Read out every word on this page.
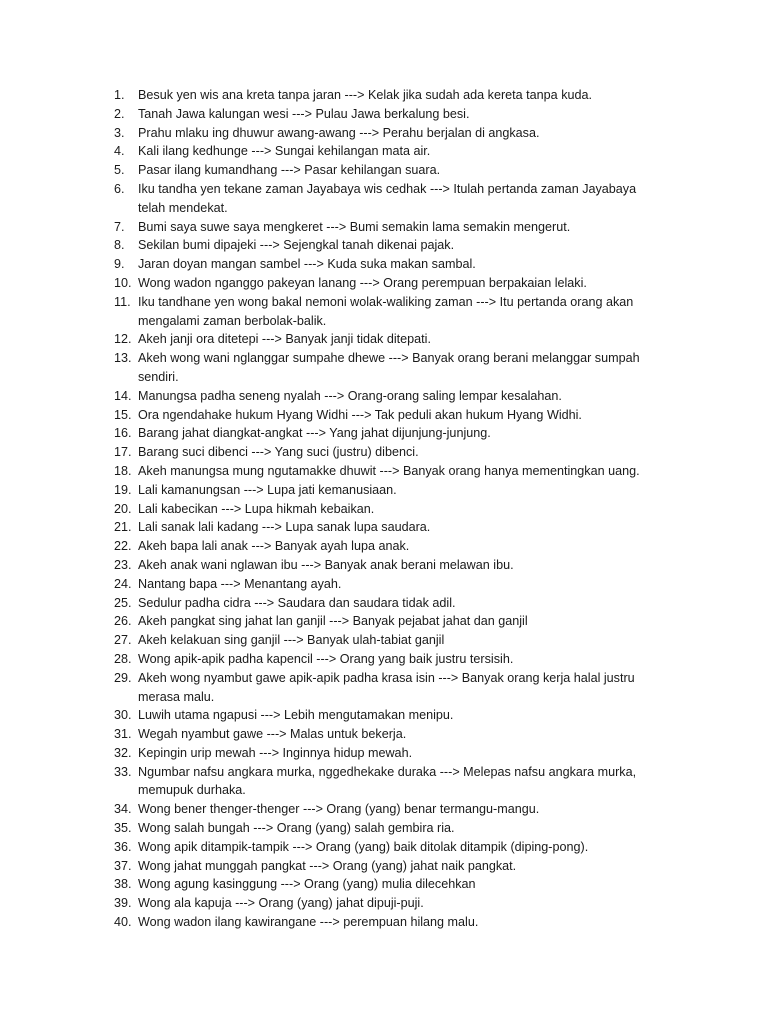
1.	Besuk yen wis ana kreta tanpa jaran ---> Kelak jika sudah ada kereta tanpa kuda.
2.	Tanah Jawa kalungan wesi ---> Pulau Jawa berkalung besi.
3.	Prahu mlaku ing dhuwur awang-awang ---> Perahu berjalan di angkasa.
4.	Kali ilang kedhunge ---> Sungai kehilangan mata air.
5.	Pasar ilang kumandhang ---> Pasar kehilangan suara.
6.	Iku tandha yen tekane zaman Jayabaya wis cedhak ---> Itulah pertanda zaman Jayabaya telah mendekat.
7.	Bumi saya suwe saya mengkeret ---> Bumi semakin lama semakin mengerut.
8.	Sekilan bumi dipajeki ---> Sejengkal tanah dikenai pajak.
9.	Jaran doyan mangan sambel ---> Kuda suka makan sambal.
10. Wong wadon nganggo pakeyan lanang ---> Orang perempuan berpakaian lelaki.
11. Iku tandhane yen wong bakal nemoni wolak-waliking zaman ---> Itu pertanda orang akan mengalami zaman berbolak-balik.
12. Akeh janji ora ditetepi ---> Banyak janji tidak ditepati.
13. Akeh wong wani nglanggar sumpahe dhewe ---> Banyak orang berani melanggar sumpah sendiri.
14. Manungsa padha seneng nyalah ---> Orang-orang saling lempar kesalahan.
15. Ora ngendahake hukum Hyang Widhi ---> Tak peduli akan hukum Hyang Widhi.
16. Barang jahat diangkat-angkat ---> Yang jahat dijunjung-junjung.
17. Barang suci dibenci ---> Yang suci (justru) dibenci.
18. Akeh manungsa mung ngutamakke dhuwit ---> Banyak orang hanya mementingkan uang.
19. Lali kamanungsan ---> Lupa jati kemanusiaan.
20. Lali kabecikan ---> Lupa hikmah kebaikan.
21. Lali sanak lali kadang ---> Lupa sanak lupa saudara.
22. Akeh bapa lali anak ---> Banyak ayah lupa anak.
23. Akeh anak wani nglawan ibu ---> Banyak anak berani melawan ibu.
24. Nantang bapa ---> Menantang ayah.
25. Sedulur padha cidra ---> Saudara dan saudara tidak adil.
26. Akeh pangkat sing jahat lan ganjil ---> Banyak pejabat jahat dan ganjil
27. Akeh kelakuan sing ganjil ---> Banyak ulah-tabiat ganjil
28. Wong apik-apik padha kapencil ---> Orang yang baik justru tersisih.
29. Akeh wong nyambut gawe apik-apik padha krasa isin ---> Banyak orang kerja halal justru merasa malu.
30. Luwih utama ngapusi ---> Lebih mengutamakan menipu.
31. Wegah nyambut gawe ---> Malas untuk bekerja.
32. Kepingin urip mewah ---> Inginnya hidup mewah.
33. Ngumbar nafsu angkara murka, nggedhekake duraka ---> Melepas nafsu angkara murka, memupuk durhaka.
34. Wong bener thenger-thenger ---> Orang (yang) benar termangu-mangu.
35. Wong salah bungah ---> Orang (yang) salah gembira ria.
36. Wong apik ditampik-tampik ---> Orang (yang) baik ditolak ditampik (diping-pong).
37. Wong jahat munggah pangkat ---> Orang (yang) jahat naik pangkat.
38. Wong agung kasinggung ---> Orang (yang) mulia dilecehkan
39. Wong ala kapuja ---> Orang (yang) jahat dipuji-puji.
40. Wong wadon ilang kawirangane ---> perempuan hilang malu.
